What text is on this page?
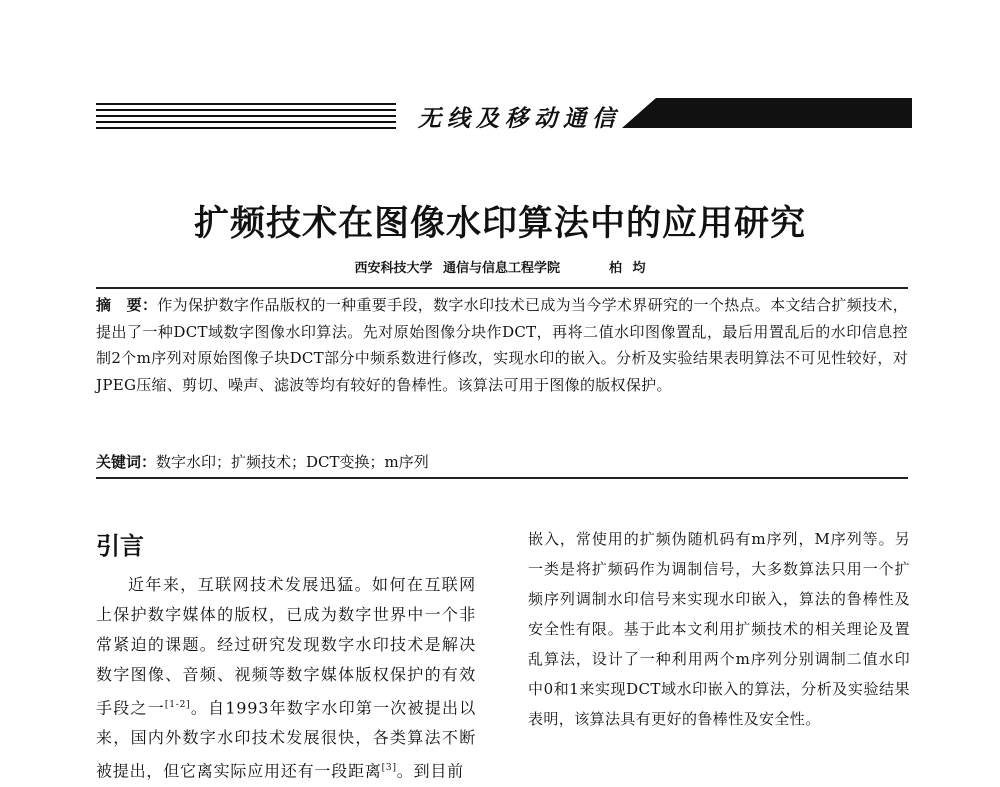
无线及移动通信
扩频技术在图像水印算法中的应用研究
西安科技大学 通信与信息工程学院	柏 均
摘　要：作为保护数字作品版权的一种重要手段，数字水印技术已成为当今学术界研究的一个热点。本文结合扩频技术，提出了一种DCT域数字图像水印算法。先对原始图像分块作DCT，再将二值水印图像置乱，最后用置乱后的水印信息控制2个m序列对原始图像子块DCT部分中频系数进行修改，实现水印的嵌入。分析及实验结果表明算法不可见性较好，对JPEG压缩、剪切、噪声、滤波等均有较好的鲁棒性。该算法可用于图像的版权保护。
关键词：数字水印；扩频技术；DCT变换；m序列
引言
近年来，互联网技术发展迅猛。如何在互联网上保护数字媒体的版权，已成为数字世界中一个非常紧迫的课题。经过研究发现数字水印技术是解决数字图像、音频、视频等数字媒体版权保护的有效手段之一[1-2]。自1993年数字水印第一次被提出以来，国内外数字水印技术发展很快，各类算法不断被提出，但它离实际应用还有一段距离[3]。到目前
嵌入，常使用的扩频伪随机码有m序列，M序列等。另一类是将扩频码作为调制信号，大多数算法只用一个扩频序列调制水印信号来实现水印嵌入，算法的鲁棒性及安全性有限。基于此本文利用扩频技术的相关理论及置乱算法，设计了一种利用两个m序列分别调制二值水印中0和1来实现DCT域水印嵌入的算法，分析及实验结果表明，该算法具有更好的鲁棒性及安全性。
